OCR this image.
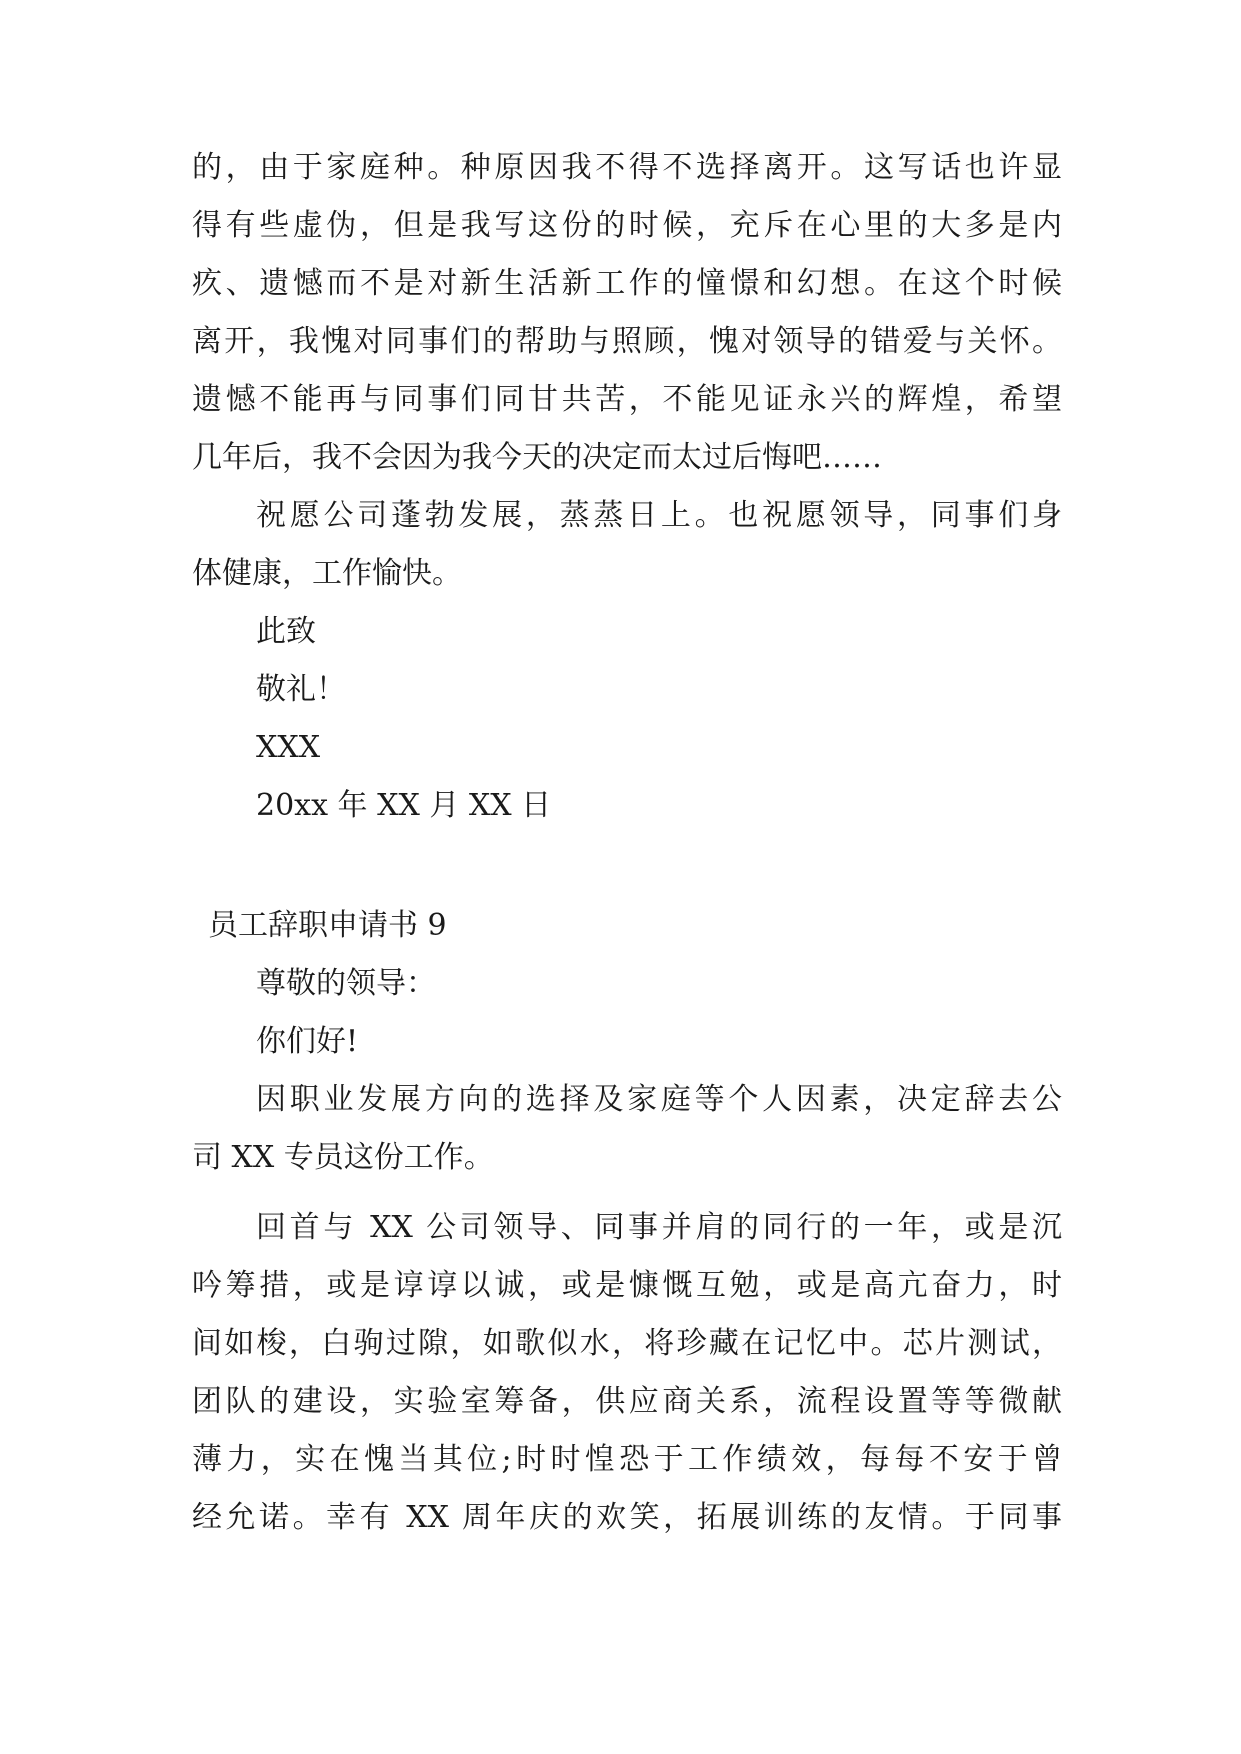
的，由于家庭种。种原因我不得不选择离开。这写话也许显
得有些虚伪，但是我写这份的时候，充斥在心里的大多是内
疚、遗憾而不是对新生活新工作的憧憬和幻想。在这个时候
离开，我愧对同事们的帮助与照顾，愧对领导的错爱与关怀。
遗憾不能再与同事们同甘共苦，不能见证永兴的辉煌，希望
几年后，我不会因为我今天的决定而太过后悔吧……
祝愿公司蓬勃发展，蒸蒸日上。也祝愿领导，同事们身
体健康，工作愉快。
此致
敬礼！
XXX
20xx 年 XX 月 XX 日
员工辞职申请书 9
尊敬的领导：
你们好!
因职业发展方向的选择及家庭等个人因素，决定辞去公
司 XX 专员这份工作。
回首与 XX 公司领导、同事并肩的同行的一年，或是沉
吟筹措，或是谆谆以诚，或是慷慨互勉，或是高亢奋力，时
间如梭，白驹过隙，如歌似水，将珍藏在记忆中。芯片测试，
团队的建设，实验室筹备，供应商关系，流程设置等等微献
薄力，实在愧当其位;时时惶恐于工作绩效，每每不安于曾
经允诺。幸有 XX 周年庆的欢笑，拓展训练的友情。于同事
